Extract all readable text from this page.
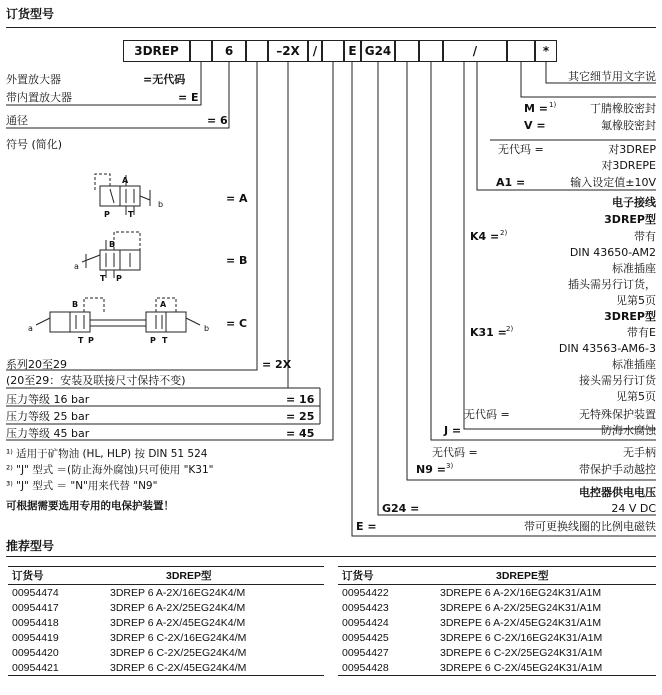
订货型号
3DREP	6	–2X	/	E G24	/	*
A
P T
b
B
T P
a
B	A
T P	P T
a	b
外置放大器	=无代码
带内置放大器	= E
通径	= 6
符号 (简化)
= A
= B
= C
系列20至29	= 2X
(20至29：安装及联接尺寸保持不变)
压力等级 16 bar	= 16
压力等级 25 bar	= 25
压力等级 45 bar	= 45
¹⁾ 适用于矿物油 (HL, HLP) 按 DIN 51 524
²⁾ "J" 型式 ＝(防止海外腐蚀)只可使用 "K31"
³⁾ "J" 型式 ＝ "N"用来代替 "N9"
可根据需要选用专用的电保护装置！
其它细节用文字说
M = 1)	丁腈橡胶密封
V =	氟橡胶密封
无代玛 =	对3DREP
对3DREPE
A1 =	输入设定值±10V
电子接线
3DREP型
K4 = 2)	带有
DIN 43650-AM2
标准插座
插头需另行订货，
见第5页
3DREP型
K31 = 2)	带有E
DIN 43563-AM6-3
标准插座
接头需另行订货
见第5页
无代码 =	无特殊保护装置
J =	防海水腐蚀
无代码 =	无手柄
N9 = 3)	带保护手动越控
电控器供电电压
G24 =	24 V DC
E =	带可更换线圈的比例电磁铁
推荐型号
订货号	3DREP型
00954474	3DREP 6 A-2X/16EG24K4/M
00954417	3DREP 6 A-2X/25EG24K4/M
00954418	3DREP 6 A-2X/45EG24K4/M
00954419	3DREP 6 C-2X/16EG24K4/M
00954420	3DREP 6 C-2X/25EG24K4/M
00954421	3DREP 6 C-2X/45EG24K4/M
订货号	3DREPE型
00954422	3DREPE 6 A-2X/16EG24K31/A1M
00954423	3DREPE 6 A-2X/25EG24K31/A1M
00954424	3DREPE 6 A-2X/45EG24K31/A1M
00954425	3DREPE 6 C-2X/16EG24K31/A1M
00954427	3DREPE 6 C-2X/25EG24K31/A1M
00954428	3DREPE 6 C-2X/45EG24K31/A1M
